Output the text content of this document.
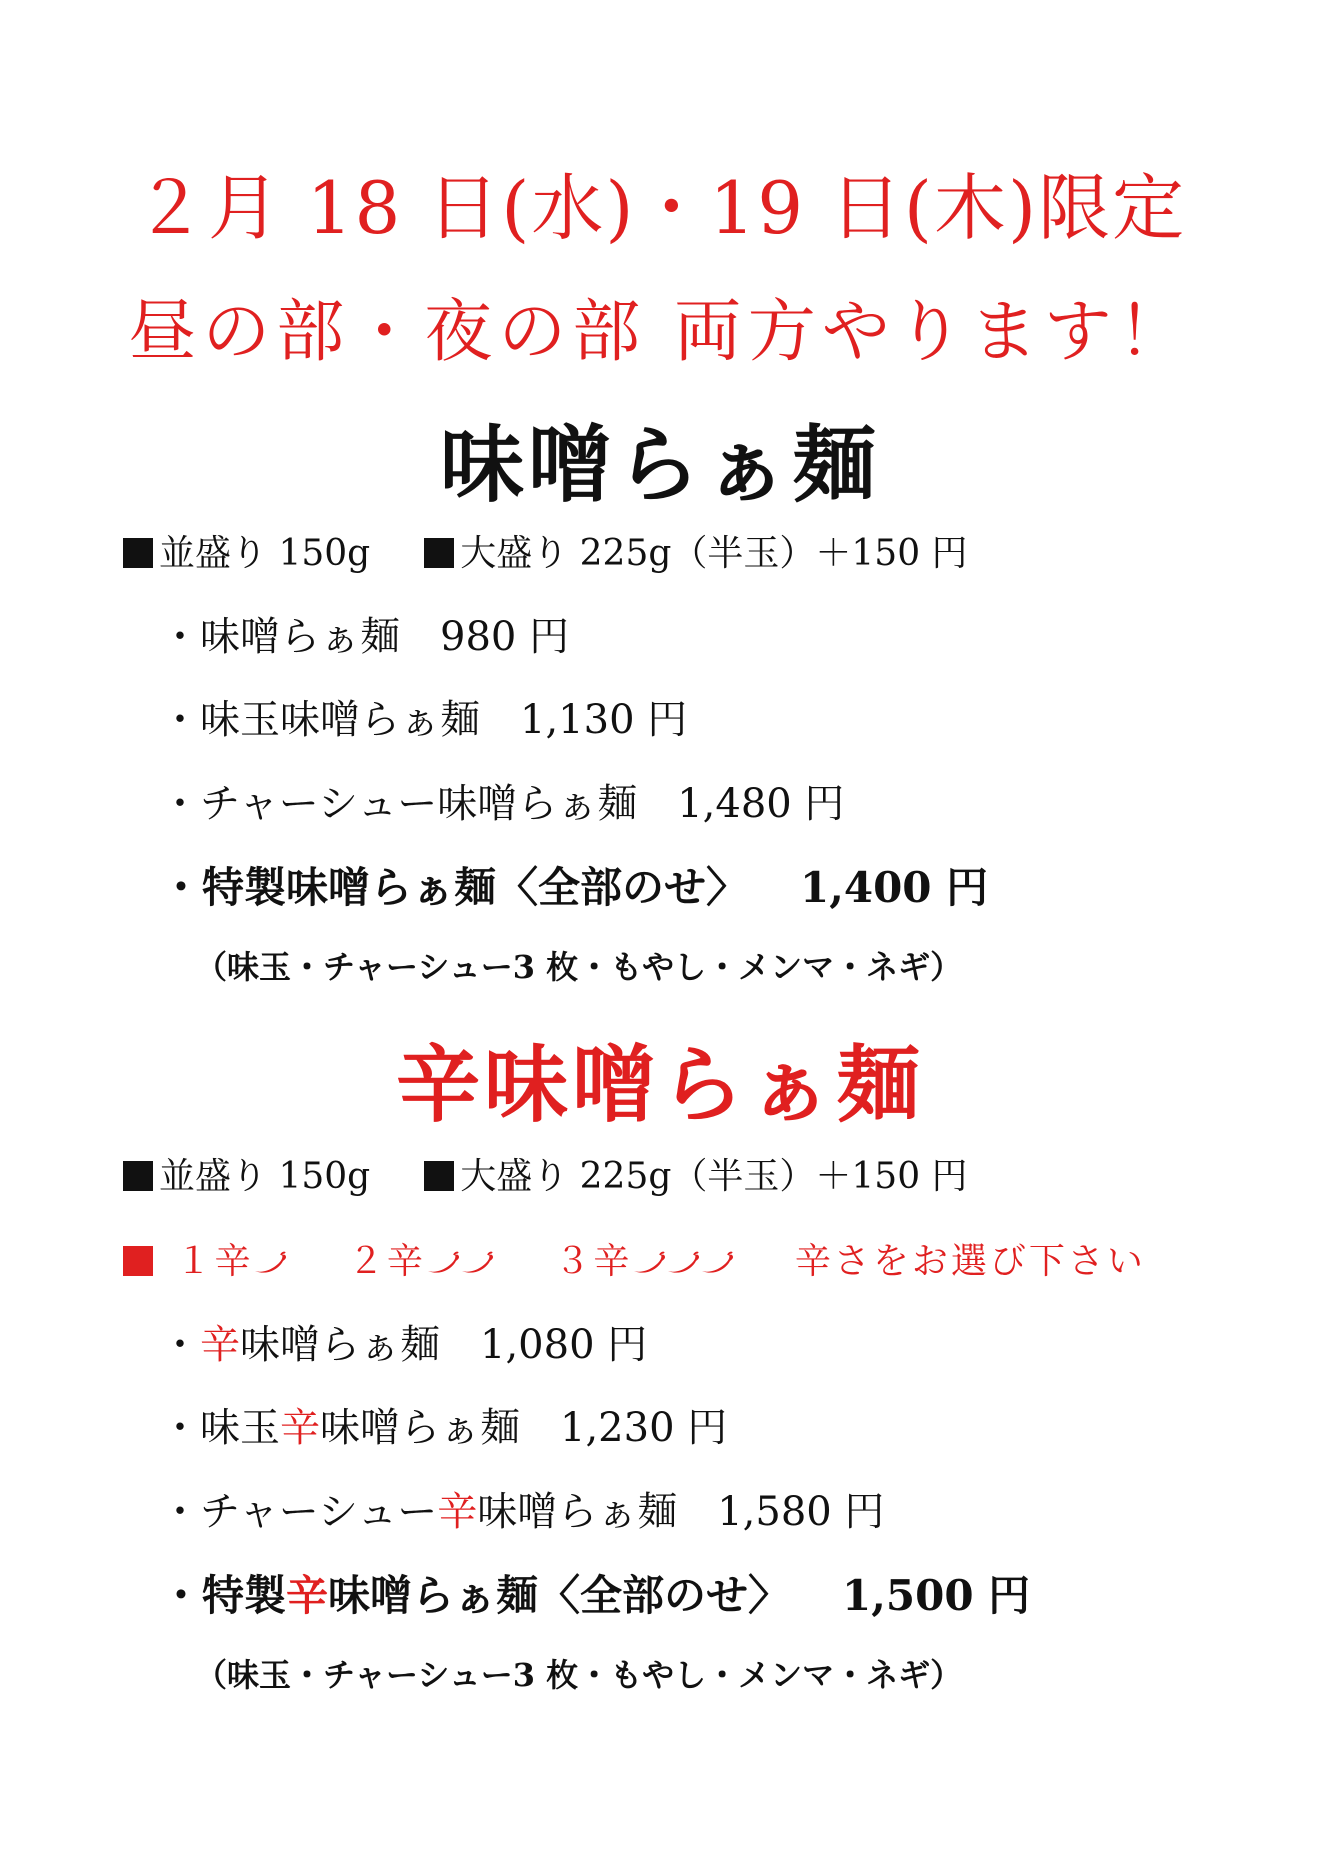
２月 18 日(水)・19 日(木)限定
昼の部・夜の部 両方やります！
味噌らぁ麺
並盛り 150g	大盛り 225g（半玉）＋150 円
・味噌らぁ麺 980 円
・味玉味噌らぁ麺 1,130 円
・チャーシュー味噌らぁ麺 1,480 円
・特製味噌らぁ麺〈全部のせ〉 1,400 円
（味玉・チャーシュー3 枚・もやし・メンマ・ネギ）
辛味噌らぁ麺
並盛り 150g	大盛り 225g（半玉）＋150 円
１辛	２辛	３辛	辛さをお選び下さい
・辛味噌らぁ麺 1,080 円
・味玉辛味噌らぁ麺 1,230 円
・チャーシュー辛味噌らぁ麺 1,580 円
・特製辛味噌らぁ麺〈全部のせ〉 1,500 円
（味玉・チャーシュー3 枚・もやし・メンマ・ネギ）
